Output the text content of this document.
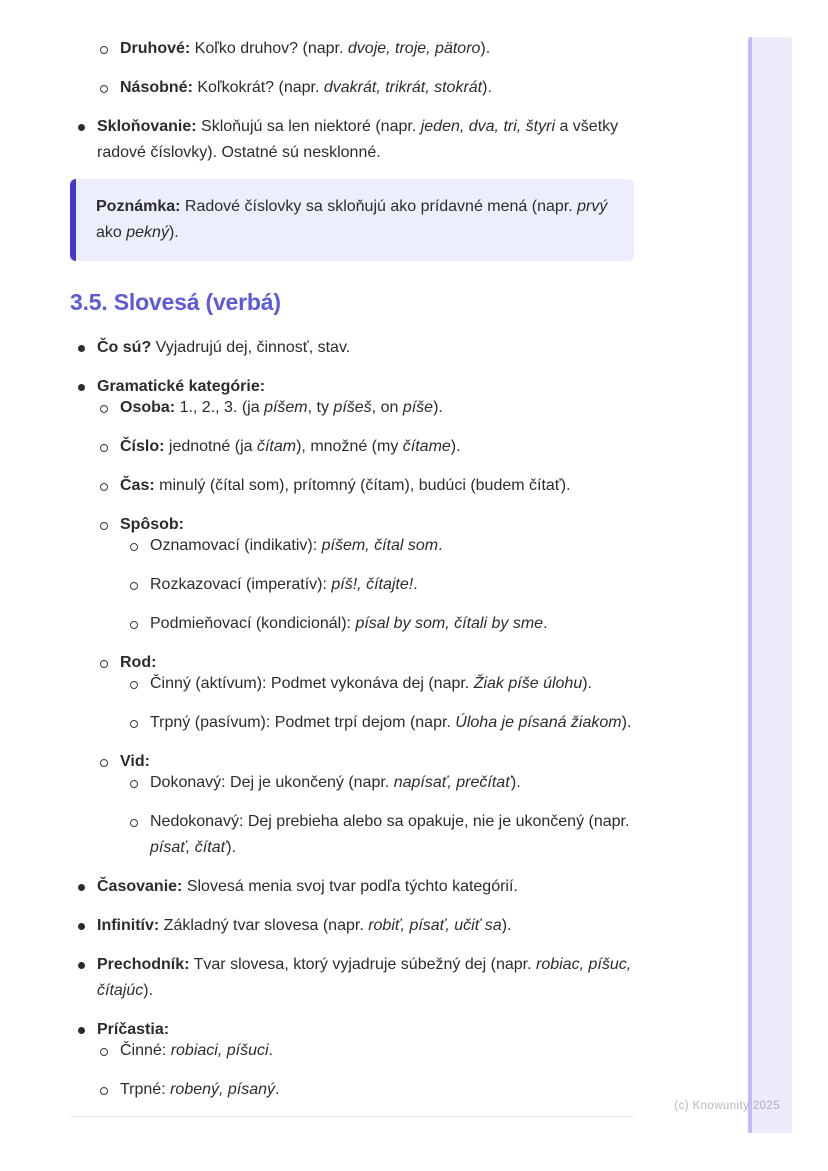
Druhové: Koľko druhov? (napr. dvoje, troje, pätoro).
Násobné: Koľkokrát? (napr. dvakrát, trikrát, stokrát).
Skloňovanie: Skloňujú sa len niektoré (napr. jeden, dva, tri, štyri a všetky radové číslovky). Ostatné sú nesklonné.

Poznámka: Radové číslovky sa skloňujú ako prídavné mená (napr. prvý ako pekný).

3.5. Slovesá (verbá)
Čo sú? Vyjadrujú dej, činnosť, stav.
Gramatické kategórie:
Osoba: 1., 2., 3. (ja píšem, ty píšeš, on píše).
Číslo: jednotné (ja čítam), množné (my čítame).
Čas: minulý (čítal som), prítomný (čítam), budúci (budem čítať).
Spôsob:
Oznamovací (indikativ): píšem, čítal som.
Rozkazovací (imperatív): píš!, čítajte!.
Podmieňovací (kondicionál): písal by som, čítali by sme.
Rod:
Činný (aktívum): Podmet vykonáva dej (napr. Žiak píše úlohu).
Trpný (pasívum): Podmet trpí dejom (napr. Úloha je písaná žiakom).
Vid:
Dokonavý: Dej je ukončený (napr. napísať, prečítať).
Nedokonavý: Dej prebieha alebo sa opakuje, nie je ukončený (napr. písať, čítať).
Časovanie: Slovesá menia svoj tvar podľa týchto kategórií.
Infinitív: Základný tvar slovesa (napr. robiť, písať, učiť sa).
Prechodník: Tvar slovesa, ktorý vyjadruje súbežný dej (napr. robiac, píšuc, čítajúc).
Príčastia:
Činné: robiaci, píšuci.
Trpné: robený, písaný.
(c) Knowunity 2025
